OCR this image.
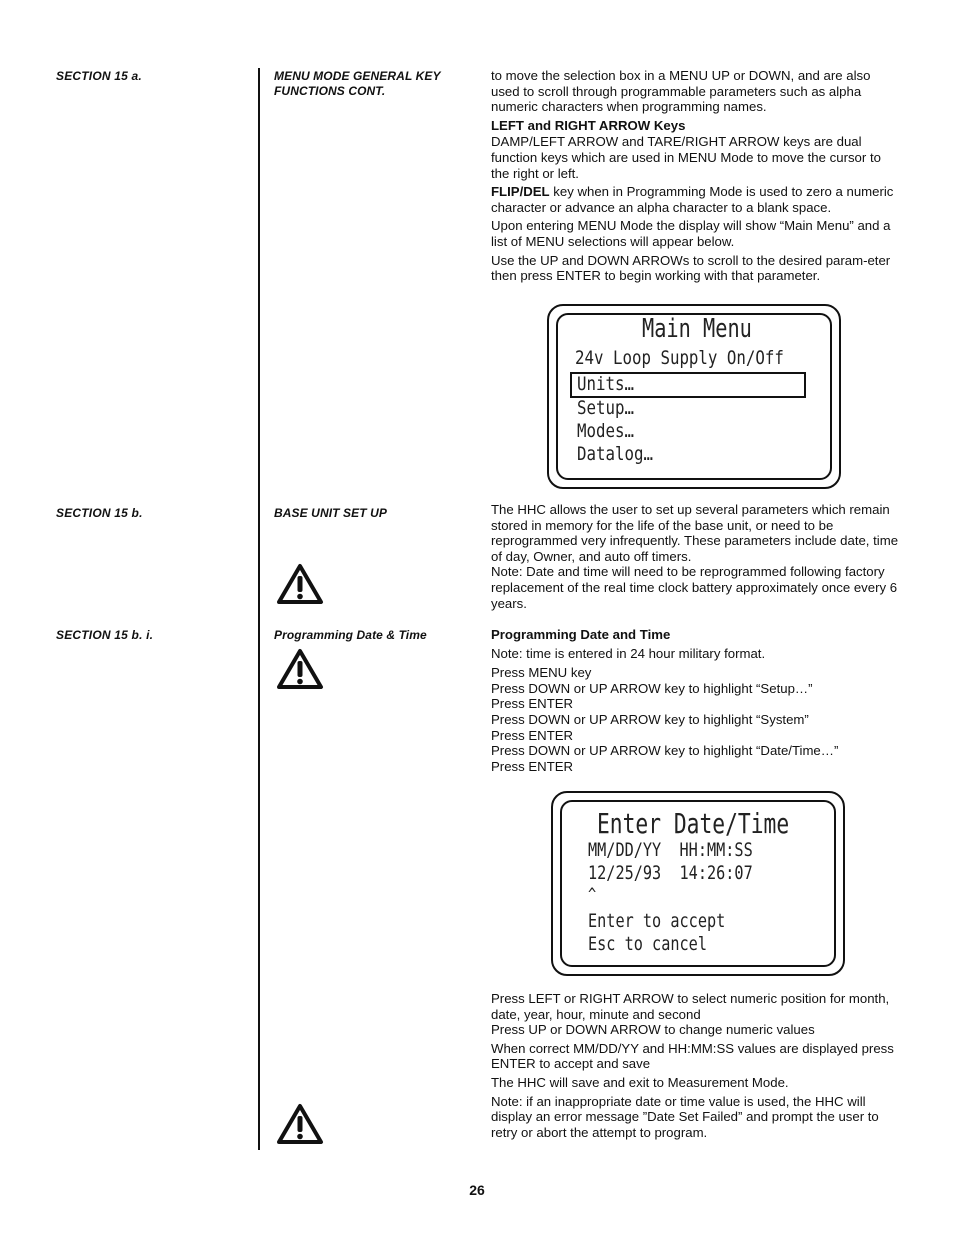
SECTION 15 a.
SECTION 15 b.
SECTION 15 b. i.
MENU MODE GENERAL KEY
FUNCTIONS CONT.
BASE UNIT SET UP
Programming Date & Time

to move the selection box in a MENU UP or DOWN, and are also used to scroll through programmable parameters such as alpha numeric characters when programming names.

LEFT and RIGHT ARROW Keys

DAMP/LEFT ARROW and TARE/RIGHT ARROW keys are dual function keys which are used in MENU Mode to move the cursor to the right or left.

FLIP/DEL key when in Programming Mode is used to zero a numeric character or advance an alpha character to a blank space.

Upon entering MENU Mode the display will show “Main Menu” and a list of MENU selections will appear below.

Use the UP and DOWN ARROWs to scroll to the desired param-eter then press ENTER to begin working with that parameter.

Main Menu
24v Loop Supply On/Off
Units…
Setup…
Modes…
Datalog…
The HHC allows the user to set up several parameters which remain stored in memory for the life of the base unit, or need to be reprogrammed very infrequently. These parameters include date, time of day, Owner, and auto off timers.
Note: Date and time will need to be reprogrammed following factory replacement of the real time clock battery approximately once every 6 years.

Programming Date and Time

Note: time is entered in 24 hour military format.

Press MENU key
Press DOWN or UP ARROW key to highlight “Setup…”
Press ENTER
Press DOWN or UP ARROW key to highlight “System”
Press ENTER
Press DOWN or UP ARROW key to highlight “Date/Time…”
Press ENTER
Enter Date/Time
MM/DD/YY  HH:MM:SS
12/25/93  14:26:07
^
Enter to accept
Esc to cancel
Press LEFT or RIGHT ARROW to select numeric position for month, date, year, hour, minute and second

Press UP or DOWN ARROW to change numeric values

When correct MM/DD/YY and HH:MM:SS values are displayed press ENTER to accept and save

The HHC will save and exit to Measurement Mode.

Note: if an inappropriate date or time value is used, the HHC will display an error message ”Date Set Failed” and prompt the user to retry or abort the attempt to program.

26
